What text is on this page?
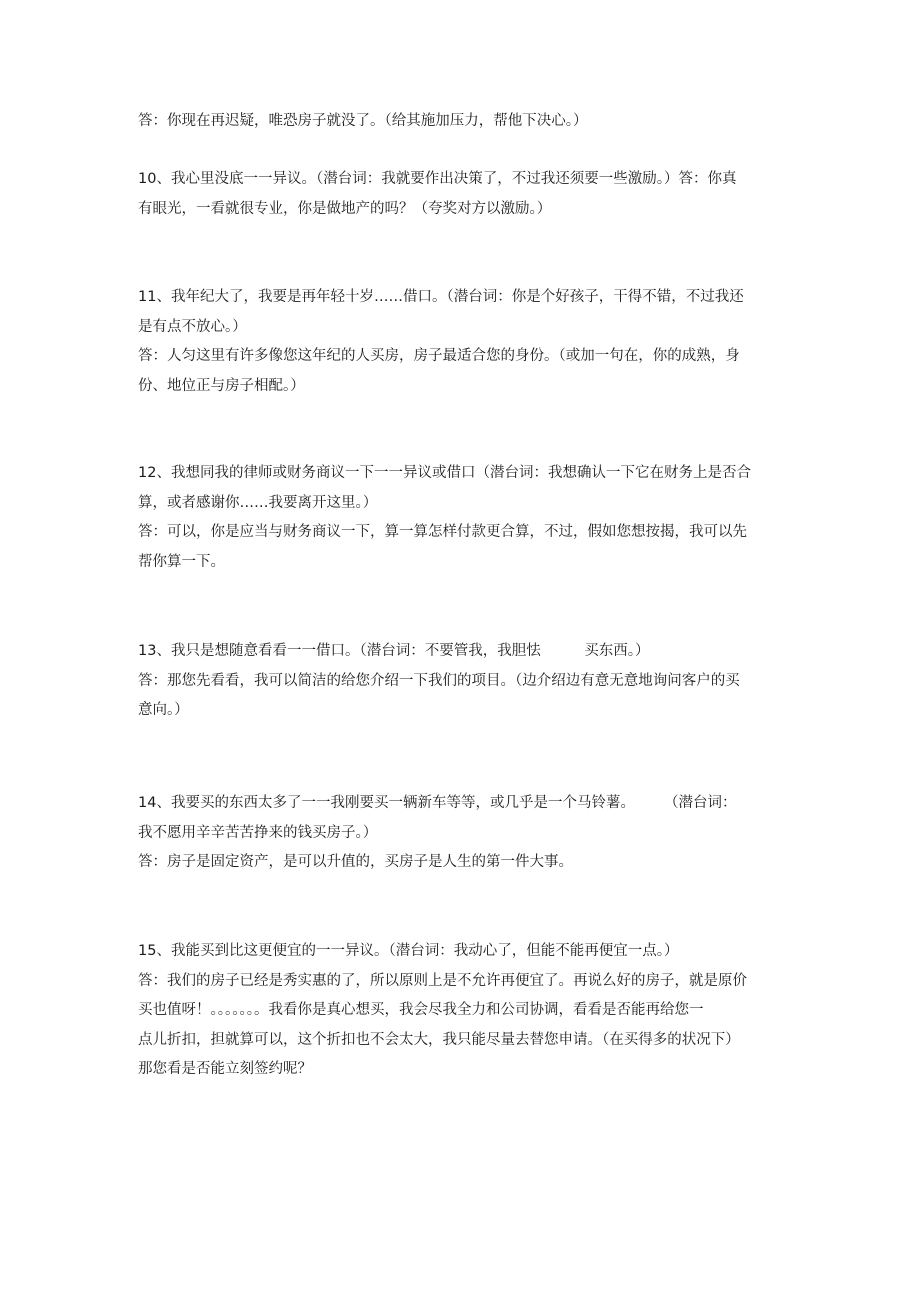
答：你现在再迟疑，唯恐房子就没了。（给其施加压力，帮他下决心。）
10、我心里没底一一异议。（潜台词：我就要作出决策了，不过我还须要一些激励。）答：你真
有眼光，一看就很专业，你是做地产的吗？（夸奖对方以激励。）
11、我年纪大了，我要是再年轻十岁……借口。（潜台词：你是个好孩子，干得不错，不过我还
是有点不放心。）
答：人匀这里有许多像您这年纪的人买房，房子最适合您的身份。（或加一句在，你的成熟，身
份、地位正与房子相配。）
12、我想同我的律师或财务商议一下一一异议或借口（潜台词：我想确认一下它在财务上是否合
算，或者感谢你……我要离开这里。）
答：可以，你是应当与财务商议一下，算一算怎样付款更合算，不过，假如您想按揭，我可以先
帮你算一下。
13、我只是想随意看看一一借口。（潜台词：不要管我，我胆怯　　　买东西。）
答：那您先看看，我可以简洁的给您介绍一下我们的项目。（边介绍边有意无意地询问客户的买
意向。）
14、我要买的东西太多了一一我刚要买一辆新车等等，或几乎是一个马铃薯。　　　（潜台词：
我不愿用辛辛苦苦挣来的钱买房子。）
答：房子是固定资产，是可以升值的，买房子是人生的第一件大事。
15、我能买到比这更便宜的一一异议。（潜台词：我动心了，但能不能再便宜一点。）
答：我们的房子已经是秀实惠的了，所以原则上是不允许再便宜了。再说么好的房子，就是原价
买也值呀！。。。。。。。我看你是真心想买，我会尽我全力和公司协调，看看是否能再给您一
点儿折扣，担就算可以，这个折扣也不会太大，我只能尽量去替您申请。（在买得多的状况下）
那您看是否能立刻签约呢？
